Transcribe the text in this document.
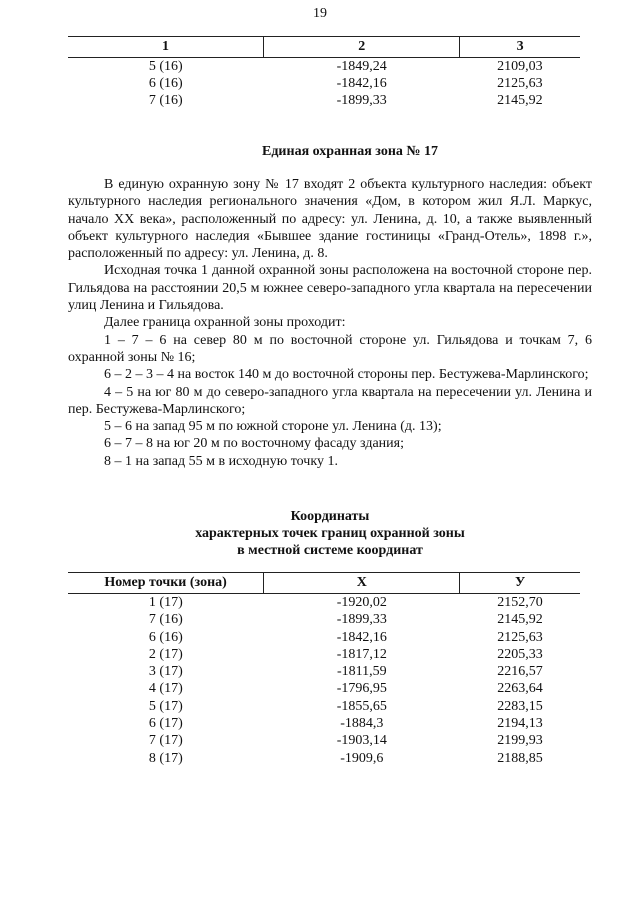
19
1	2	3
5 (16)	-1849,24	2109,03
6 (16)	-1842,16	2125,63
7 (16)	-1899,33	2145,92
Единая охранная зона № 17

В единую охранную зону № 17 входят 2 объекта культурного наследия: объект культурного наследия регионального значения «Дом, в котором жил Я.Л. Маркус, начало XX века», расположенный по адресу: ул. Ленина, д. 10, а также выявленный объект культурного наследия «Бывшее здание гостиницы «Гранд-Отель», 1898 г.», расположенный по адресу: ул. Ленина, д. 8.

Исходная точка 1 данной охранной зоны расположена на восточной стороне пер. Гильядова на расстоянии 20,5 м южнее северо-западного угла квартала на пересечении улиц Ленина и Гильядова.

Далее граница охранной зоны проходит:

1 – 7 – 6 на север 80 м по восточной стороне ул. Гильядова и точкам 7, 6 охранной зоны № 16;

6 – 2 – 3 – 4 на восток 140 м до восточной стороны пер. Бестужева-Марлинского;

4 – 5 на юг 80 м до северо-западного угла квартала на пересечении ул. Ленина и пер. Бестужева-Марлинского;

5 – 6 на запад 95 м по южной стороне ул. Ленина (д. 13);

6 – 7 – 8 на юг 20 м по восточному фасаду здания;

8 – 1 на запад 55 м в исходную точку 1.

Координаты
характерных точек границ охранной зоны
в местной системе координат
Номер точки (зона)	X	У
1 (17)	-1920,02	2152,70
7 (16)	-1899,33	2145,92
6 (16)	-1842,16	2125,63
2 (17)	-1817,12	2205,33
3 (17)	-1811,59	2216,57
4 (17)	-1796,95	2263,64
5 (17)	-1855,65	2283,15
6 (17)	-1884,3	2194,13
7 (17)	-1903,14	2199,93
8 (17)	-1909,6	2188,85
